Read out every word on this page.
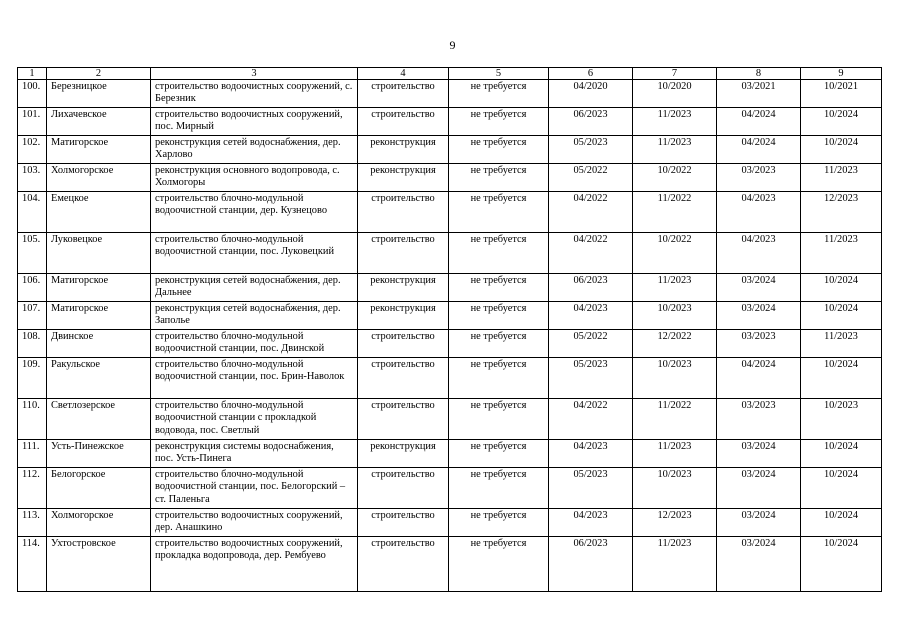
9
1	2	3	4	5	6	7	8	9
100.	Березницкое	строительство водоочистных сооружений, с. Березник	строительство	не требуется	04/2020	10/2020	03/2021	10/2021
101.	Лихачевское	строительство водоочистных сооружений, пос. Мирный	строительство	не требуется	06/2023	11/2023	04/2024	10/2024
102.	Матигорское	реконструкция сетей водоснабжения, дер. Харлово	реконструкция	не требуется	05/2023	11/2023	04/2024	10/2024
103.	Холмогорское	реконструкция основного водопровода, с. Холмогоры	реконструкция	не требуется	05/2022	10/2022	03/2023	11/2023
104.	Емецкое	строительство блочно-модульной водоочистной станции, дер. Кузнецово	строительство	не требуется	04/2022	11/2022	04/2023	12/2023
105.	Луковецкое	строительство блочно-модульной водоочистной станции, пос. Луковецкий	строительство	не требуется	04/2022	10/2022	04/2023	11/2023
106.	Матигорское	реконструкция сетей водоснабжения, дер. Дальнее	реконструкция	не требуется	06/2023	11/2023	03/2024	10/2024
107.	Матигорское	реконструкция сетей водоснабжения, дер. Заполье	реконструкция	не требуется	04/2023	10/2023	03/2024	10/2024
108.	Двинское	строительство блочно-модульной водоочистной станции, пос. Двинской	строительство	не требуется	05/2022	12/2022	03/2023	11/2023
109.	Ракульское	строительство блочно-модульной водоочистной станции, пос. Брин-Наволок	строительство	не требуется	05/2023	10/2023	04/2024	10/2024
110.	Светлозерское	строительство блочно-модульной водоочистной станции с прокладкой водовода, пос. Светлый	строительство	не требуется	04/2022	11/2022	03/2023	10/2023
111.	Усть-Пинежское	реконструкция системы водоснабжения, пос. Усть-Пинега	реконструкция	не требуется	04/2023	11/2023	03/2024	10/2024
112.	Белогорское	строительство блочно-модульной водоочистной станции, пос. Белогорский – ст. Паленьга	строительство	не требуется	05/2023	10/2023	03/2024	10/2024
113.	Холмогорское	строительство водоочистных сооружений, дер. Анашкино	строительство	не требуется	04/2023	12/2023	03/2024	10/2024
114.	Ухтостровское	строительство водоочистных сооружений, прокладка водопровода, дер. Рембуево	строительство	не требуется	06/2023	11/2023	03/2024	10/2024
